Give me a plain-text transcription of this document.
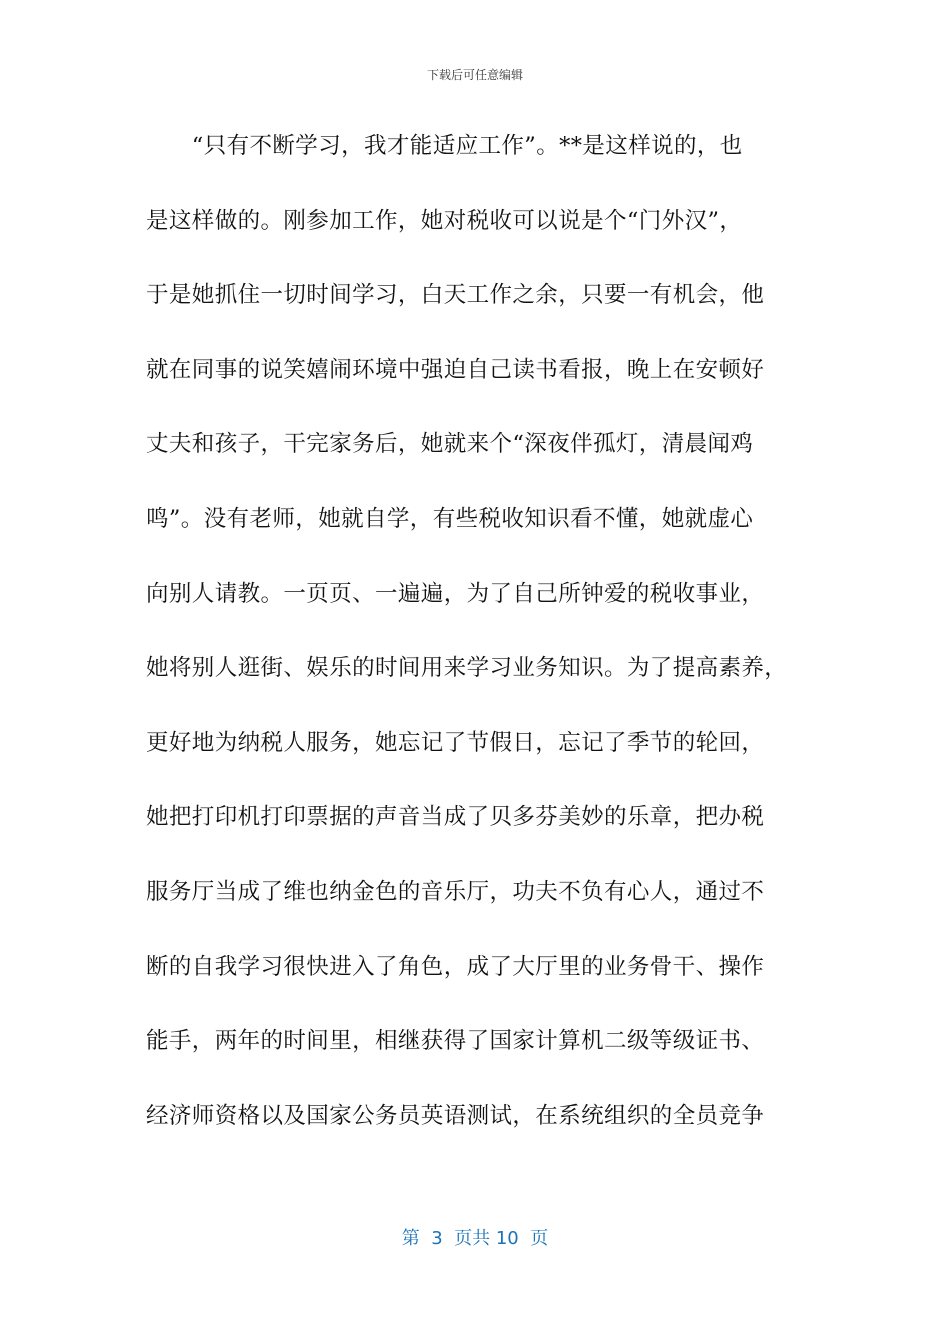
下载后可任意编辑
　　“只有不断学习，我才能适应工作”。**是这样说的，也
是这样做的。刚参加工作，她对税收可以说是个“门外汉”，
于是她抓住一切时间学习，白天工作之余，只要一有机会，他
就在同事的说笑嬉闹环境中强迫自己读书看报，晚上在安顿好
丈夫和孩子，干完家务后，她就来个“深夜伴孤灯，清晨闻鸡
鸣”。没有老师，她就自学，有些税收知识看不懂，她就虚心
向别人请教。一页页、一遍遍，为了自己所钟爱的税收事业，
她将别人逛街、娱乐的时间用来学习业务知识。为了提高素养，
更好地为纳税人服务，她忘记了节假日，忘记了季节的轮回，
她把打印机打印票据的声音当成了贝多芬美妙的乐章，把办税
服务厅当成了维也纳金色的音乐厅，功夫不负有心人，通过不
断的自我学习很快进入了角色，成了大厅里的业务骨干、操作
能手，两年的时间里，相继获得了国家计算机二级等级证书、
经济师资格以及国家公务员英语测试，在系统组织的全员竞争
第  3  页共 10  页
